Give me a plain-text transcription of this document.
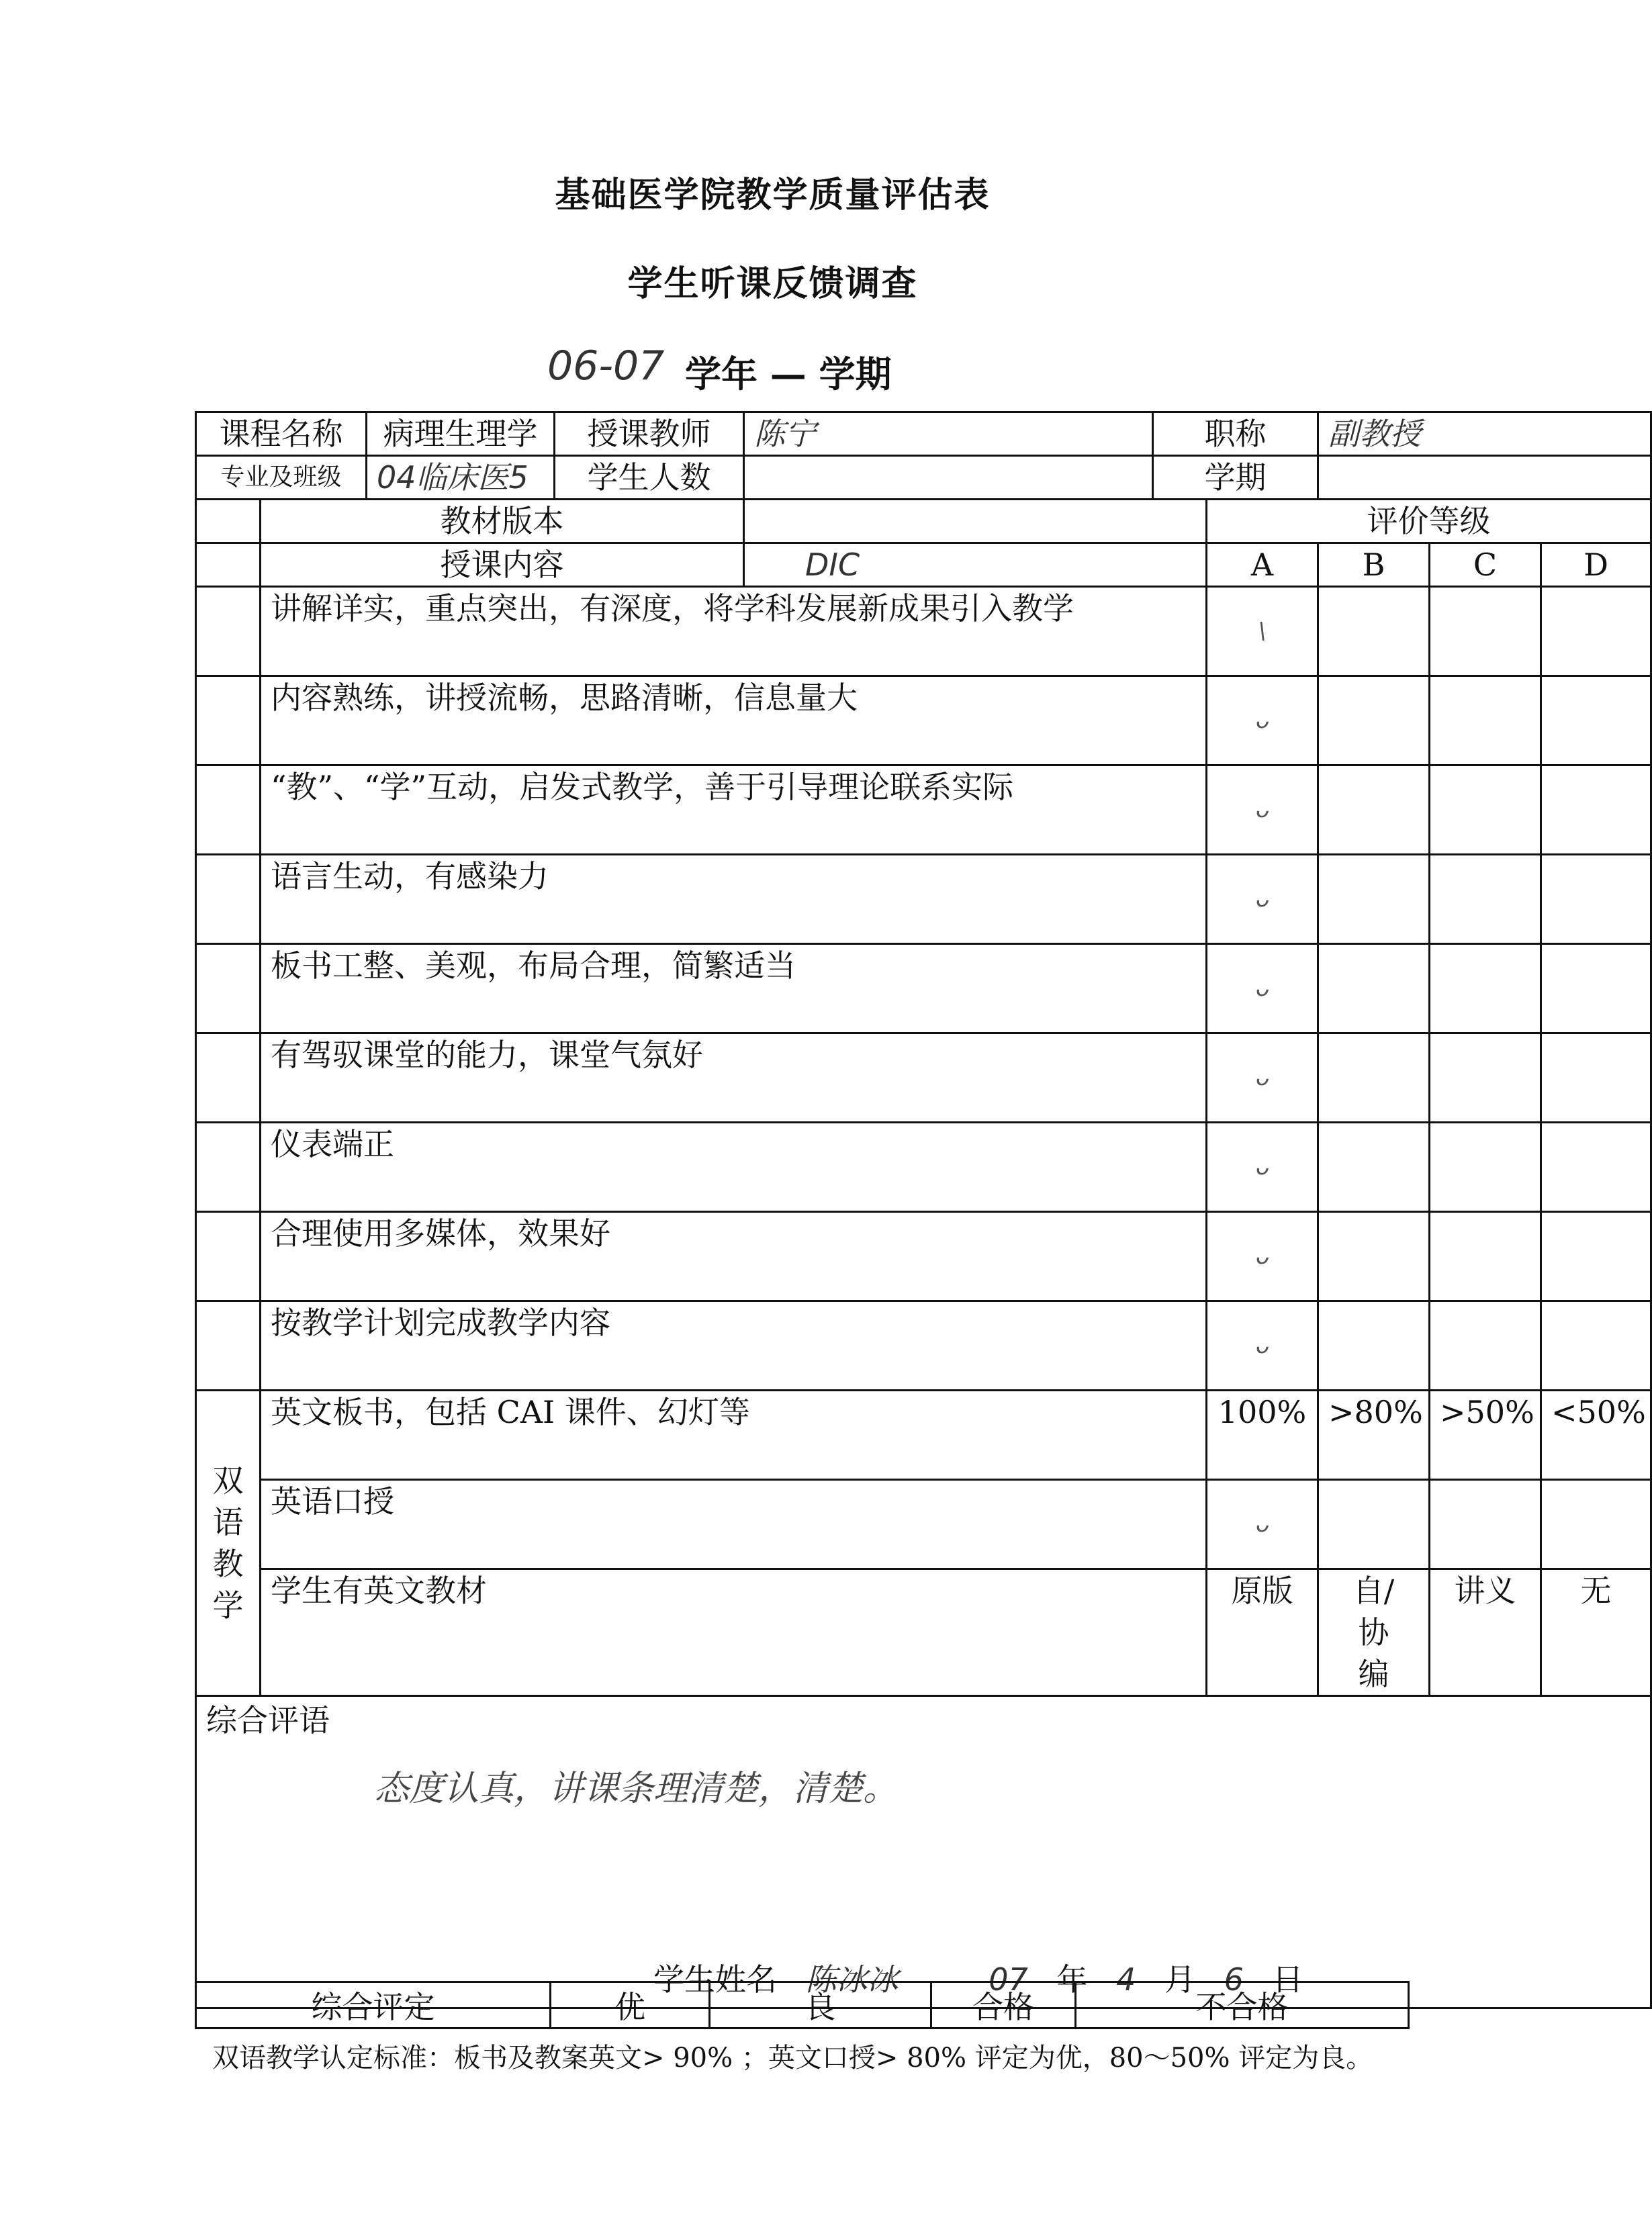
基础医学院教学质量评估表
学生听课反馈调查
06-07 学年 — 学期
课程名称		病理生理学	授课教师	陈宁	职称		副教授		
专业及班级		04临床医5	学生人数		学期				
	教材版本					评价等级			
	授课内容			DIC		A	B	C	D
	讲解详实，重点突出，有深度，将学科发展新成果引入教学					\			

	内容熟练，讲授流畅，思路清晰，信息量大					ᴗ			

	“教”、“学”互动，启发式教学，善于引导理论联系实际					ᴗ			

	语言生动，有感染力					ᴗ			

	板书工整、美观，布局合理，简繁适当					ᴗ			

	有驾驭课堂的能力，课堂气氛好					ᴗ			

	仪表端正					ᴗ			

	合理使用多媒体，效果好					ᴗ			

	按教学计划完成教学内容					ᴗ			

双
语
教
学	英文板书，包括 CAI 课件、幻灯等					100%	>80%	>50%	<50%
	英语口授					ᴗ			

	学生有英文教材					原版	自/协编	讲义	无

综合评语
态度认真，讲课条理清楚，清楚。
学生姓名 陈冰冰 07 年 4 月 6 日									
综合评定	优	良	合格	不合格
双语教学认定标准：板书及教案英文> 90% ；英文口授> 80% 评定为优，80～50% 评定为良。
